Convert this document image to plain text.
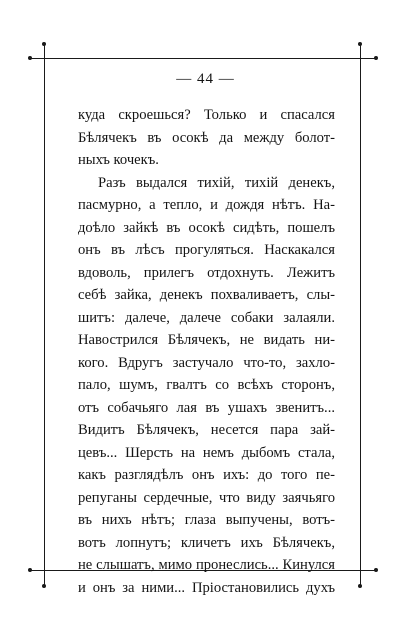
— 44 —
куда скроешься? Только и спасался
Бѣлячекъ въ осокѣ да между болот-
ныхъ кочекъ.
Разъ выдался тихій, тихій денекъ,
пасмурно, а тепло, и дождя нѣтъ. На-
доѣло зайкѣ въ осокѣ сидѣть, пошелъ
онъ въ лѣсъ прогуляться. Наскакался
вдоволь, прилегъ отдохнуть. Лежитъ
себѣ зайка, денекъ похваливаетъ, слы-
шитъ: далече, далече собаки залаяли.
Навострился Бѣлячекъ, не видать ни-
кого. Вдругъ застучало что-то, захло-
пало, шумъ, гвалтъ со всѣхъ сторонъ,
отъ собачьяго лая въ ушахъ звенитъ...
Видитъ Бѣлячекъ, несется пара зай-
цевъ... Шерсть на немъ дыбомъ стала,
какъ разглядѣлъ онъ ихъ: до того пе-
репуганы сердечные, что виду заячьяго
въ нихъ нѣтъ; глаза выпучены, вотъ-
вотъ лопнутъ; кличетъ ихъ Бѣлячекъ,
не слышатъ, мимо пронеслись... Кинулся
и онъ за ними... Пріостановились духъ
